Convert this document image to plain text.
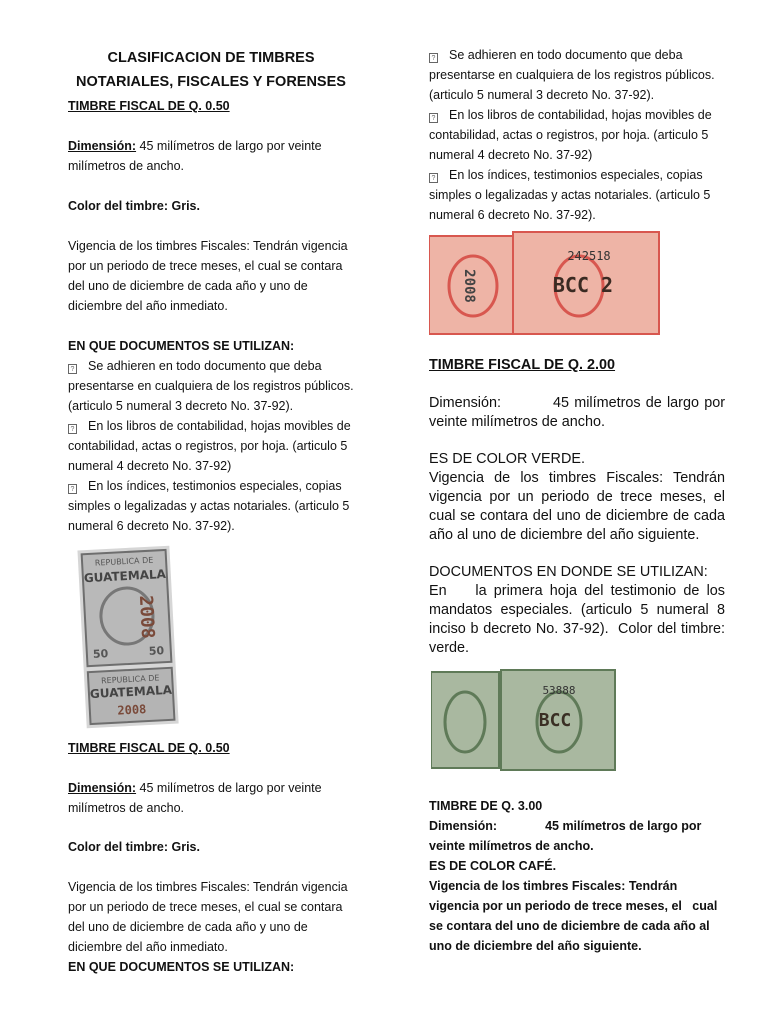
CLASIFICACION DE TIMBRES

NOTARIALES, FISCALES Y FORENSES

TIMBRE FISCAL DE Q. 0.50

Dimensión: 45 milímetros de largo por veinte milímetros de ancho.

Color del timbre: Gris.

Vigencia de los timbres Fiscales: Tendrán vigencia por un periodo de trece meses, el cual se contara del uno de diciembre de cada año y uno de diciembre del año inmediato.

EN QUE DOCUMENTOS SE UTILIZAN:

? Se adhieren en todo documento que deba presentarse en cualquiera de los registros públicos. (articulo 5 numeral 3 decreto No. 37-92).

? En los libros de contabilidad, hojas movibles de contabilidad, actas o registros, por hoja. (articulo 5 numeral 4 decreto No. 37-92)

? En los índices, testimonios especiales, copias simples o legalizadas y actas notariales. (articulo 5 numeral 6 decreto No. 37-92).

REPUBLICA DE
GUATEMALA
50	50
2008
REPUBLICA DE
GUATEMALA
2008

TIMBRE FISCAL DE Q. 0.50

Dimensión: 45 milímetros de largo por veinte milímetros de ancho.

Color del timbre: Gris.

Vigencia de los timbres Fiscales: Tendrán vigencia por un periodo de trece meses, el cual se contara del uno de diciembre de cada año y uno de diciembre del año inmediato.

EN QUE DOCUMENTOS SE UTILIZAN:

? Se adhieren en todo documento que deba presentarse en cualquiera de los registros públicos. (articulo 5 numeral 3 decreto No. 37-92).

? En los libros de contabilidad, hojas movibles de contabilidad, actas o registros, por hoja. (articulo 5 numeral 4 decreto No. 37-92)

? En los índices, testimonios especiales, copias simples o legalizadas y actas notariales. (articulo 5 numeral 6 decreto No. 37-92).

2008
242518
BCC 2

TIMBRE FISCAL DE Q. 2.00

Dimensión:          45 milímetros de largo por veinte milímetros de ancho.

ES DE COLOR VERDE.

Vigencia de los timbres Fiscales: Tendrán vigencia por un periodo de trece meses, el     cual se contara del uno de diciembre de cada año al uno de diciembre del año siguiente.

DOCUMENTOS EN DONDE SE UTILIZAN:

En    la primera hoja del testimonio de los mandatos especiales. (articulo 5 numeral 8 inciso b decreto No. 37-92).  Color del timbre: verde.

53888
BCC

TIMBRE DE Q. 3.00

Dimensión:	45 milímetros de largo por

veinte milímetros de ancho.

ES DE COLOR CAFÉ.

Vigencia de los timbres Fiscales: Tendrán vigencia por un periodo de trece meses, el   cual se contara del uno de diciembre de cada año al uno de diciembre del año siguiente.
